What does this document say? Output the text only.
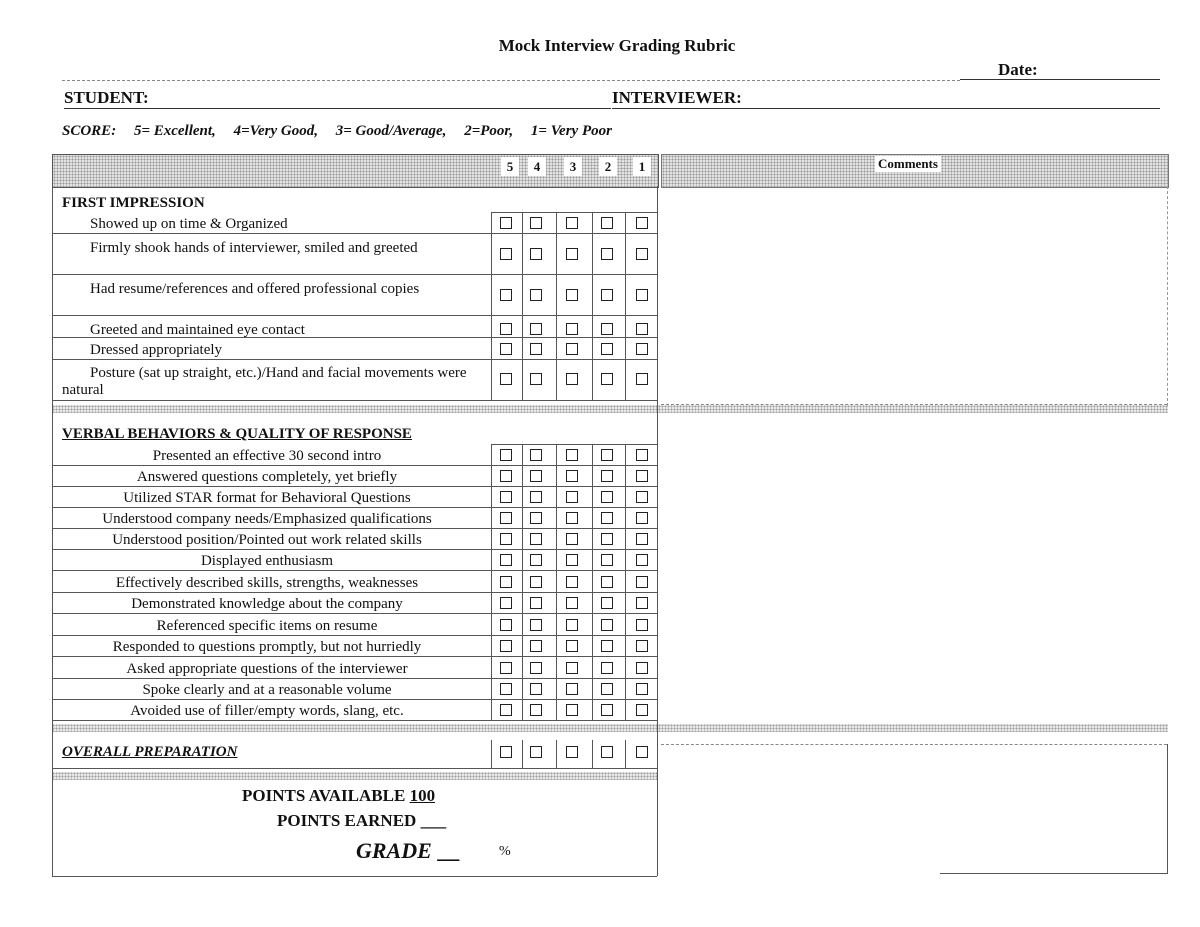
Mock Interview Grading Rubric
Date:
STUDENT:	INTERVIEWER:
SCORE: 5= Excellent, 4=Very Good, 3= Good/Average, 2=Poor, 1= Very Poor
5	4	3	2	1	Comments
FIRST IMPRESSION
Showed up on time & Organized
Firmly shook hands of interviewer, smiled and greeted
Had resume/references and offered professional copies
Greeted and maintained eye contact
Dressed appropriately
Posture (sat up straight, etc.)/Hand and facial movements were natural
VERBAL BEHAVIORS & QUALITY OF RESPONSE
Presented an effective 30 second intro
Answered questions completely, yet briefly
Utilized STAR format for Behavioral Questions
Understood company needs/Emphasized qualifications
Understood position/Pointed out work related skills
Displayed enthusiasm
Effectively described skills, strengths, weaknesses
Demonstrated knowledge about the company
Referenced specific items on resume
Responded to questions promptly, but not hurriedly
Asked appropriate questions of the interviewer
Spoke clearly and at a reasonable volume
Avoided use of filler/empty words, slang, etc.
OVERALL PREPARATION
POINTS AVAILABLE 100
POINTS EARNED ___
GRADE __	%
